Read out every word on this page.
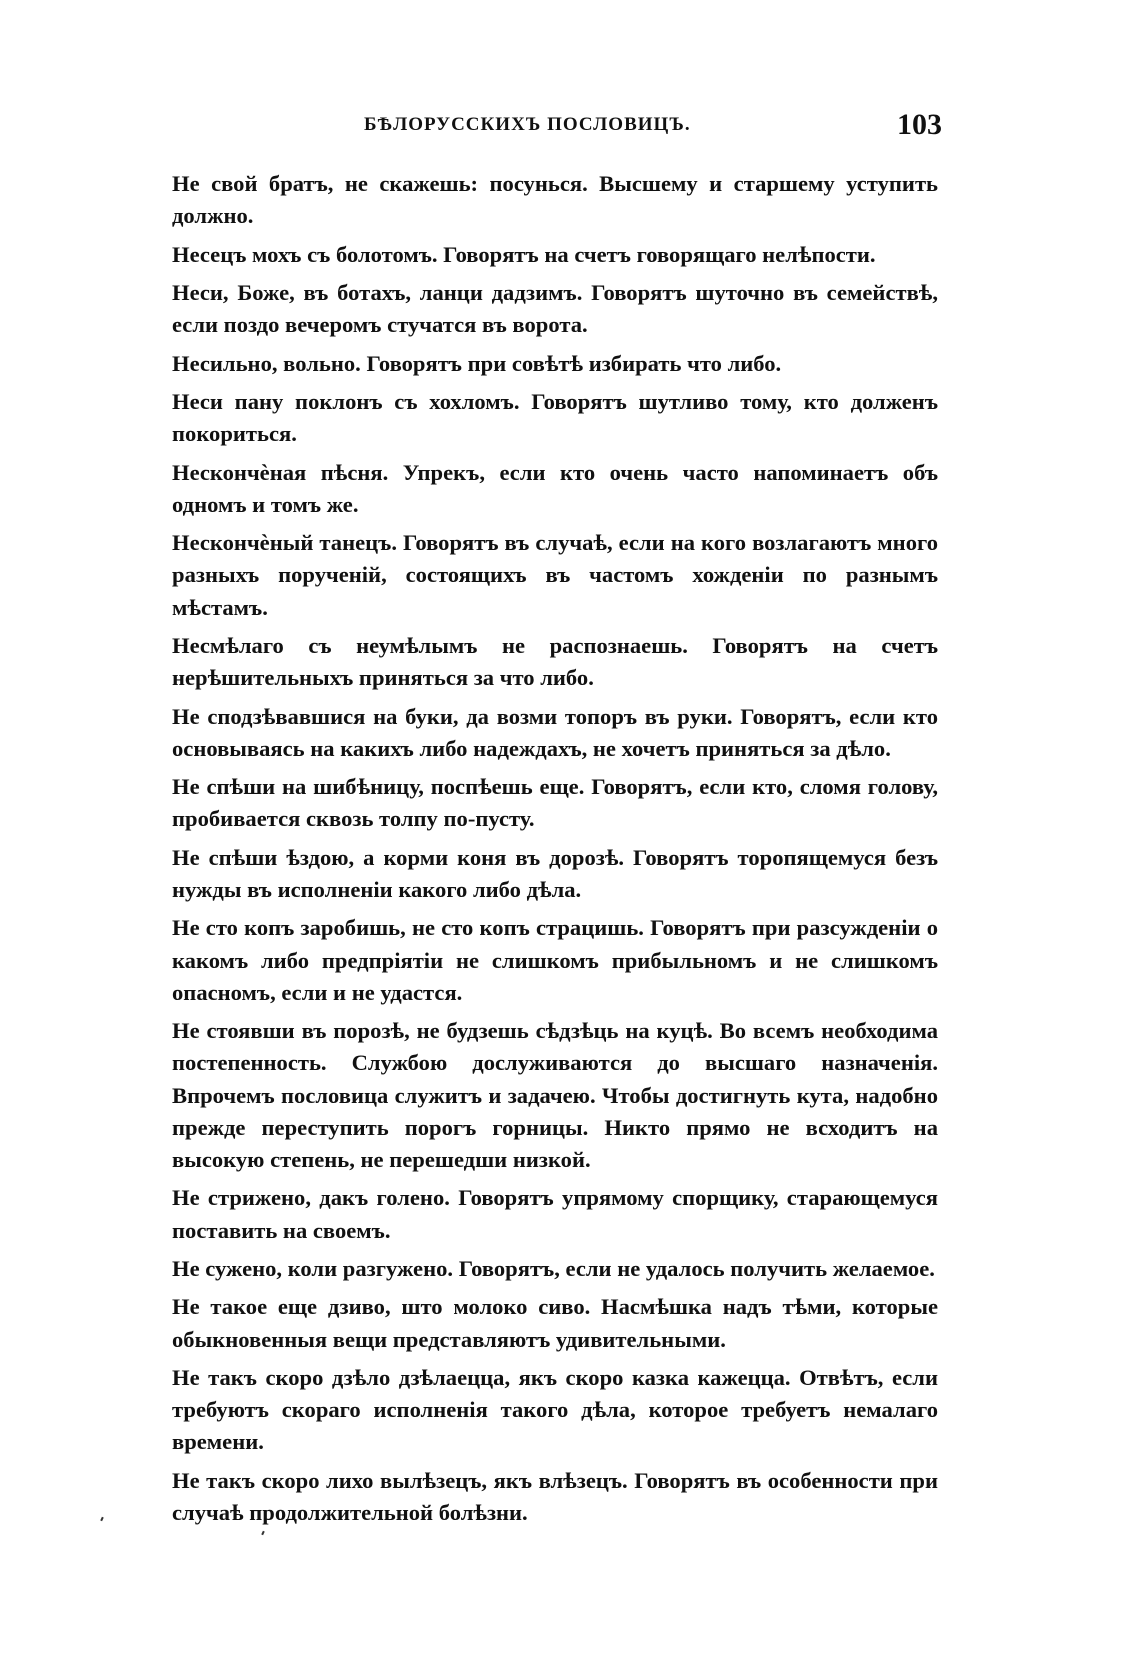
БѢЛОРУССКИХЪ ПОСЛОВИЦЪ.	103

Не свой братъ, не скажешь: посунься. Высшему и старшему уступить должно.

Несецъ мохъ съ болотомъ. Говорятъ на счетъ говорящаго нелѣпости.

Неси, Боже, въ ботахъ, ланци дадзимъ. Говорятъ шуточно въ семействѣ, если поздо вечеромъ стучатся въ ворота.

Несильно, вольно. Говорятъ при совѣтѣ избирать что либо.

Неси пану поклонъ съ хохломъ. Говорятъ шутливо тому, кто долженъ покориться.

Нескончѐная пѣсня. Упрекъ, если кто очень часто напоминаетъ объ одномъ и томъ же.

Нескончѐный танецъ. Говорятъ въ случаѣ, если на кого возлагаютъ много разныхъ порученій, состоящихъ въ частомъ хожденіи по разнымъ мѣстамъ.

Несмѣлаго съ неумѣлымъ не распознаешь. Говорятъ на счетъ нерѣшительныхъ приняться за что либо.

Не сподзѣвавшися на буки, да возми топоръ въ руки. Говорятъ, если кто основываясь на какихъ либо надеждахъ, не хочетъ приняться за дѣло.

Не спѣши на шибѣницу, поспѣешь еще. Говорятъ, если кто, сломя голову, пробивается сквозь толпу по-пусту.

Не спѣши ѣздою, а корми коня въ дорозѣ. Говорятъ торопящемуся безъ нужды въ исполненіи какого либо дѣла.

Не сто копъ заробишь, не сто копъ страцишь. Говорятъ при разсужденіи о какомъ либо предпріятіи не слишкомъ прибыльномъ и не слишкомъ опасномъ, если и не удастся.

Не стоявши въ порозѣ, не будзешь сѣдзѣць на куцѣ. Во всемъ необходима постепенность. Службою дослуживаются до высшаго назначенія. Впрочемъ пословица служитъ и задачею. Чтобы достигнуть кута, надобно прежде переступить порогъ горницы. Никто прямо не всходитъ на высокую степень, не перешедши низкой.

Не стрижено, дакъ голено. Говорятъ упрямому спорщику, старающемуся поставить на своемъ.

Не сужено, коли разгужено. Говорятъ, если не удалось получить желаемое.

Не такое еще дзиво, што молоко сиво. Насмѣшка надъ тѣми, которые обыкновенныя вещи представляютъ удивительными.

Не такъ скоро дзѣло дзѣлаецца, якъ скоро казка кажецца. Отвѣтъ, если требуютъ скораго исполненія такого дѣла, которое требуетъ немалаго времени.

Не такъ скоро лихо вылѣзецъ, якъ влѣзецъ. Говорятъ въ особенности при случаѣ продолжительной болѣзни.
